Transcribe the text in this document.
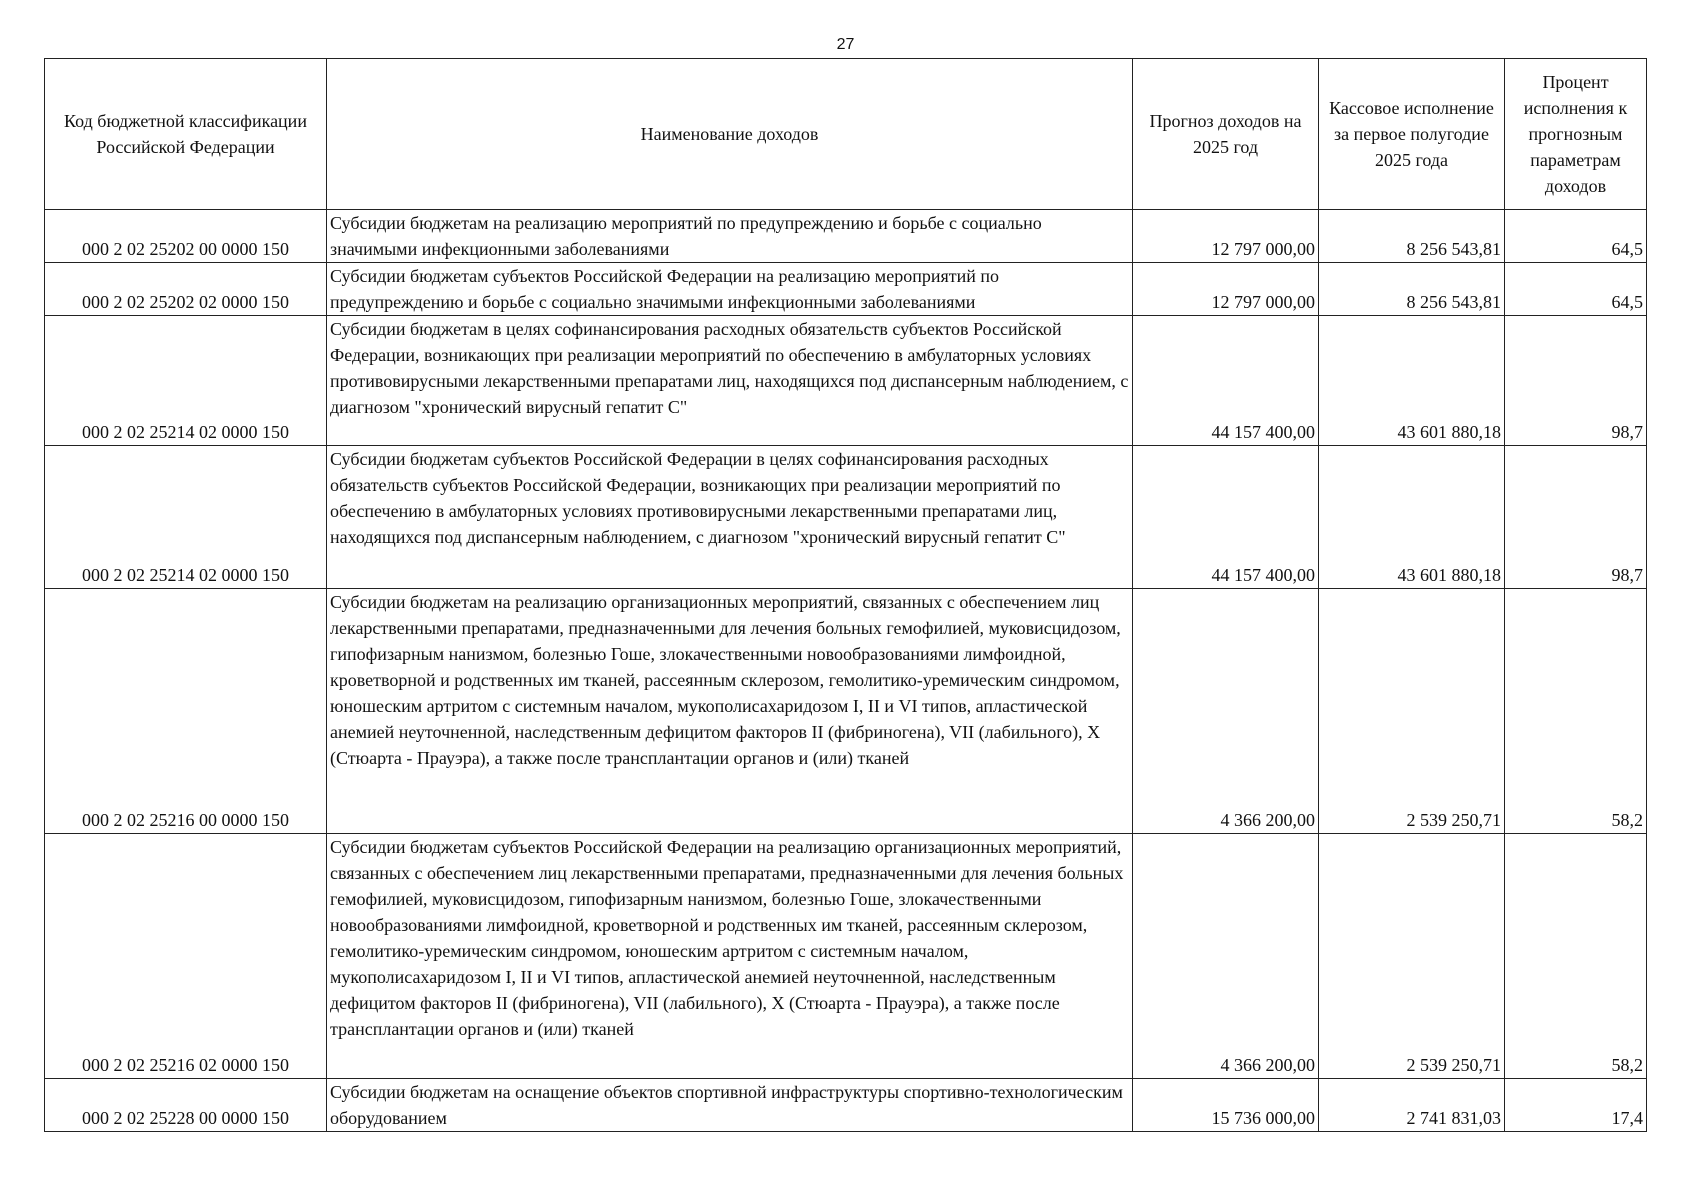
27
Код бюджетной классификации Российской Федерации	Наименование доходов	Прогноз доходов на 2025 год	Кассовое исполнение за первое полугодие 2025 года	Процент исполнения к прогнозным параметрам доходов
000 2 02 25202 00 0000 150	Субсидии бюджетам на реализацию мероприятий по предупреждению и борьбе с социально значимыми инфекционными заболеваниями	12 797 000,00	8 256 543,81	64,5
000 2 02 25202 02 0000 150	Субсидии бюджетам субъектов Российской Федерации на реализацию мероприятий по предупреждению и борьбе с социально значимыми инфекционными заболеваниями	12 797 000,00	8 256 543,81	64,5
000 2 02 25214 02 0000 150	Субсидии бюджетам в целях софинансирования расходных обязательств субъектов Российской Федерации, возникающих при реализации мероприятий по обеспечению в амбулаторных условиях противовирусными лекарственными препаратами лиц, находящихся под диспансерным наблюдением, с диагнозом "хронический вирусный гепатит С"	44 157 400,00	43 601 880,18	98,7
000 2 02 25214 02 0000 150	Субсидии бюджетам субъектов Российской Федерации в целях софинансирования расходных обязательств субъектов Российской Федерации, возникающих при реализации мероприятий по обеспечению в амбулаторных условиях противовирусными лекарственными препаратами лиц, находящихся под диспансерным наблюдением, с диагнозом "хронический вирусный гепатит С"	44 157 400,00	43 601 880,18	98,7
000 2 02 25216 00 0000 150	Субсидии бюджетам на реализацию организационных мероприятий, связанных с обеспечением лиц лекарственными препаратами, предназначенными для лечения больных гемофилией, муковисцидозом, гипофизарным нанизмом, болезнью Гоше, злокачественными новообразованиями лимфоидной, кроветворной и родственных им тканей, рассеянным склерозом, гемолитико-уремическим синдромом, юношеским артритом с системным началом, мукополисахаридозом I, II и VI типов, апластической анемией неуточненной, наследственным дефицитом факторов II (фибриногена), VII (лабильного), X (Стюарта - Прауэра), а также после трансплантации органов и (или) тканей	4 366 200,00	2 539 250,71	58,2
000 2 02 25216 02 0000 150	Субсидии бюджетам субъектов Российской Федерации на реализацию организационных мероприятий, связанных с обеспечением лиц лекарственными препаратами, предназначенными для лечения больных гемофилией, муковисцидозом, гипофизарным нанизмом, болезнью Гоше, злокачественными новообразованиями лимфоидной, кроветворной и родственных им тканей, рассеянным склерозом, гемолитико-уремическим синдромом, юношеским артритом с системным началом, мукополисахаридозом I, II и VI типов, апластической анемией неуточненной, наследственным дефицитом факторов II (фибриногена), VII (лабильного), X (Стюарта - Прауэра), а также после трансплантации органов и (или) тканей	4 366 200,00	2 539 250,71	58,2
000 2 02 25228 00 0000 150	Субсидии бюджетам на оснащение объектов спортивной инфраструктуры спортивно-технологическим оборудованием	15 736 000,00	2 741 831,03	17,4
